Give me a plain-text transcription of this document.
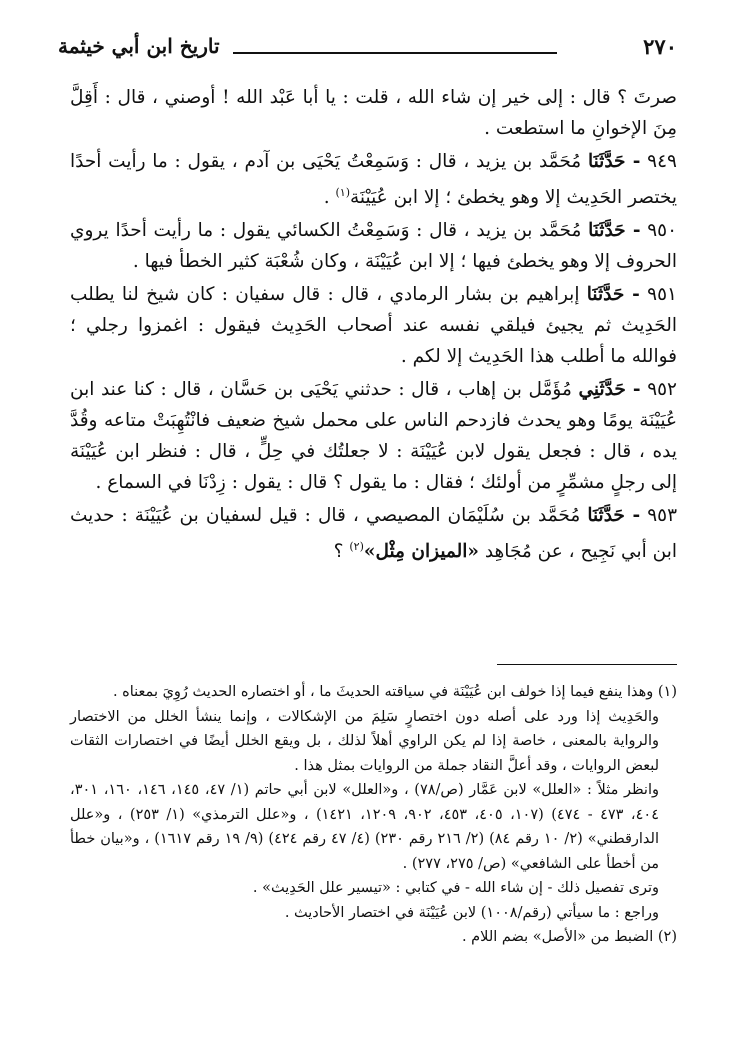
٢٧٠
تاريخ ابن أبي خيثمة

صرتَ ؟ قال : إلى خير إن شاء الله ، قلت : يا أبا عَبْد الله ! أوصني ، قال : أَقِلَّ مِنَ الإخوانِ ما استطعت .

٩٤٩ - حَدَّثَنَا مُحَمَّد بن يزيد ، قال : وَسَمِعْتُ يَحْيَى بن آدم ، يقول : ما رأيت أحدًا يختصر الحَدِيث إلا وهو يخطئ ؛ إلا ابن عُيَيْنَة$^{(١)}$ .

٩٥٠ - حَدَّثَنَا مُحَمَّد بن يزيد ، قال : وَسَمِعْتُ الكسائي يقول : ما رأيت أحدًا يروي الحروف إلا وهو يخطئ فيها ؛ إلا ابن عُيَيْنَة ، وكان شُعْبَة كثير الخطأ فيها .

٩٥١ - حَدَّثَنَا إبراهيم بن بشار الرمادي ، قال : قال سفيان : كان شيخ لنا يطلب الحَدِيث ثم يجيئ فيلقي نفسه عند أصحاب الحَدِيث فيقول : اغمزوا رجلي ؛ فوالله ما أطلب هذا الحَدِيث إلا لكم .

٩٥٢ - حَدَّثَنِي مُؤَمَّل بن إهاب ، قال : حدثني يَحْيَى بن حَسَّان ، قال : كنا عند ابن عُيَيْنَة يومًا وهو يحدث فازدحم الناس على محمل شيخ ضعيف فانْتُهِبَتْ متاعه وقُدَّ يده ، قال : فجعل يقول لابن عُيَيْنَة : لا جعلتُك في حِلٍّ ، قال : فنظر ابن عُيَيْنَة إلى رجلٍ مشمِّرٍ من أولئك ؛ فقال : ما يقول ؟ قال : يقول : زِدْنَا في السماع .

٩٥٣ - حَدَّثَنَا مُحَمَّد بن سُلَيْمَان المصيصي ، قال : قيل لسفيان بن عُيَيْنَة : حديث ابن أبي نَجِيح ، عن مُجَاهِد «الميزان مِثْل»$^{(٢)}$ ؟

(١) وهذا ينفع فيما إذا خولف ابن عُيَيْنَة في سياقته الحديثَ ما ، أو اختصاره الحديث رُوِيَ بمعناه .

والحَدِيث إذا ورد على أصله دون اختصارٍ سَلِمَ من الإشكالات ، وإنما ينشأ الخلل من الاختصار والرواية بالمعنى ، خاصة إذا لم يكن الراوي أهلاً لذلك ، بل ويقع الخلل أيضًا في اختصارات الثقات لبعض الروايات ، وقد أعلَّ النقاد جملة من الروايات بمثل هذا .

وانظر مثلاً : «العلل» لابن عَمَّار (ص/٧٨) ، و«العلل» لابن أبي حاتم (١/ ٤٧، ١٤٥، ١٤٦، ١٦٠، ٣٠١، ٤٠٤، ٤٧٣ - ٤٧٤) (١٠٧، ٤٠٥، ٤٥٣، ٩٠٢، ١٢٠٩، ١٤٢١) ، و«علل الترمذي» (١/ ٢٥٣) ، و«علل الدارقطني» (٢/ ١٠ رقم ٨٤) (٢/ ٢١٦ رقم ٢٣٠) (٤/ ٤٧ رقم ٤٢٤) (٩/ ١٩ رقم ١٦١٧) ، و«بيان خطأ من أخطأ على الشافعي» (ص/ ٢٧٥، ٢٧٧) .

وترى تفصيل ذلك - إن شاء الله - في كتابي : «تيسير علل الحَدِيث» .

وراجع : ما سيأتي (رقم/١٠٠٨) لابن عُيَيْنَة في اختصار الأحاديث .

(٢) الضبط من «الأصل» بضم اللام .
